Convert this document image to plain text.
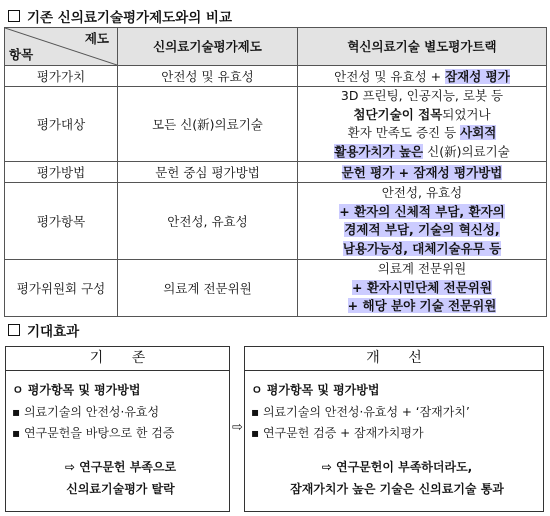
기존 신의료기술평가제도와의 비교
제도
항목	신의료기술평가제도	혁신의료기술 별도평가트랙
평가가치	안전성 및 유효성	안전성 및 유효성 + 잠재성 평가
평가대상	모든 신(新)의료기술	3D 프린팅, 인공지능, 로봇 등
첨단기술이 접목되었거나
환자 만족도 증진 등 사회적
활용가치가 높은 신(新)의료기술

평가방법	문헌 중심 평가방법	문헌 평가 + 잠재성 평가방법
평가항목	안전성, 유효성	안전성, 유효성
+ 환자의 신체적 부담, 환자의
경제적 부담, 기술의 혁신성,
남용가능성, 대체기술유무 등

평가위원회 구성	의료계 전문위원	의료계 전문위원
+ 환자시민단체 전문위원
+ 해당 분야 기술 전문위원
기대효과
기 존
ㅇ 평가항목 및 평가방법
▪ 의료기술의 안전성·유효성
▪ 연구문헌을 바탕으로 한 검증
⇨ 연구문헌 부족으로
신의료기술평가 탈락
⇨
개 선
ㅇ 평가항목 및 평가방법
▪ 의료기술의 안전성·유효성 + ‘잠재가치’
▪ 연구문헌 검증 + 잠재가치평가
⇨ 연구문헌이 부족하더라도,
잠재가치가 높은 기술은 신의료기술 통과
